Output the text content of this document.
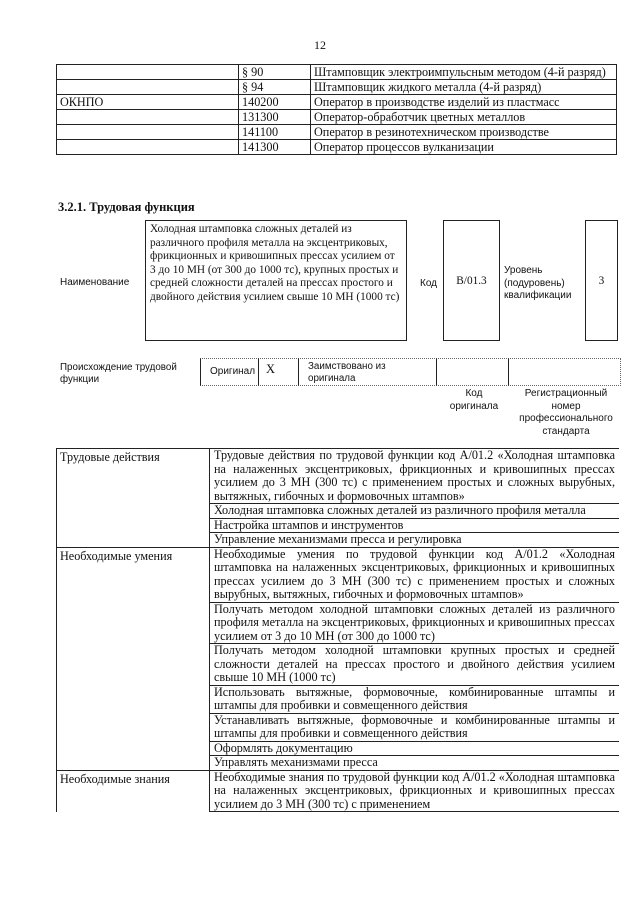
12
	§ 90	Штамповщик электроимпульсным методом (4-й разряд)
	§ 94	Штамповщик жидкого металла (4-й разряд)
ОКНПО	140200	Оператор в производстве изделий из пластмасс
	131300	Оператор-обработчик цветных металлов
	141100	Оператор в резинотехническом производстве
	141300	Оператор процессов вулканизации
3.2.1. Трудовая функция
Наименование
Холодная штамповка сложных деталей из различного профиля металла на эксцентриковых, фрикционных и кривошипных прессах усилием от 3 до 10 МН (от 300 до 1000 тс), крупных простых и средней сложности деталей на прессах простого и двойного действия усилием свыше 10 МН (1000 тс)
Код	В/01.3
Уровень (подуровень) квалификации
3
Происхождение трудовой функции
Оригинал X	Заимствовано из оригинала
Код оригинала
Регистрационный номер профессионального стандарта
Трудовые действия	Трудовые действия по трудовой функции код А/01.2 «Холодная штамповка на налаженных эксцентриковых, фрикционных и кривошипных прессах усилием до 3 МН (300 тс) с применением простых и сложных вырубных, вытяжных, гибочных и формовочных штампов»
	Холодная штамповка сложных деталей из различного профиля металла
	Настройка штампов и инструментов
	Управление механизмами пресса и регулировка
Необходимые умения	Необходимые умения по трудовой функции код А/01.2 «Холодная штамповка на налаженных эксцентриковых, фрикционных и кривошипных прессах усилием до 3 МН (300 тс) с применением простых и сложных вырубных, вытяжных, гибочных и формовочных штампов»
	Получать методом холодной штамповки сложных деталей из различного профиля металла на эксцентриковых, фрикционных и кривошипных прессах усилием от 3 до 10 МН (от 300 до 1000 тс)
	Получать методом холодной штамповки крупных простых и средней сложности деталей на прессах простого и двойного действия усилием свыше 10 МН (1000 тс)
	Использовать вытяжные, формовочные, комбинированные штампы и штампы для пробивки и совмещенного действия
	Устанавливать вытяжные, формовочные и комбинированные штампы и штампы для пробивки и совмещенного действия
	Оформлять документацию
	Управлять механизмами пресса
Необходимые знания	Необходимые знания по трудовой функции код А/01.2 «Холодная штамповка на налаженных эксцентриковых, фрикционных и кривошипных прессах усилием до 3 МН (300 тс) с применением
